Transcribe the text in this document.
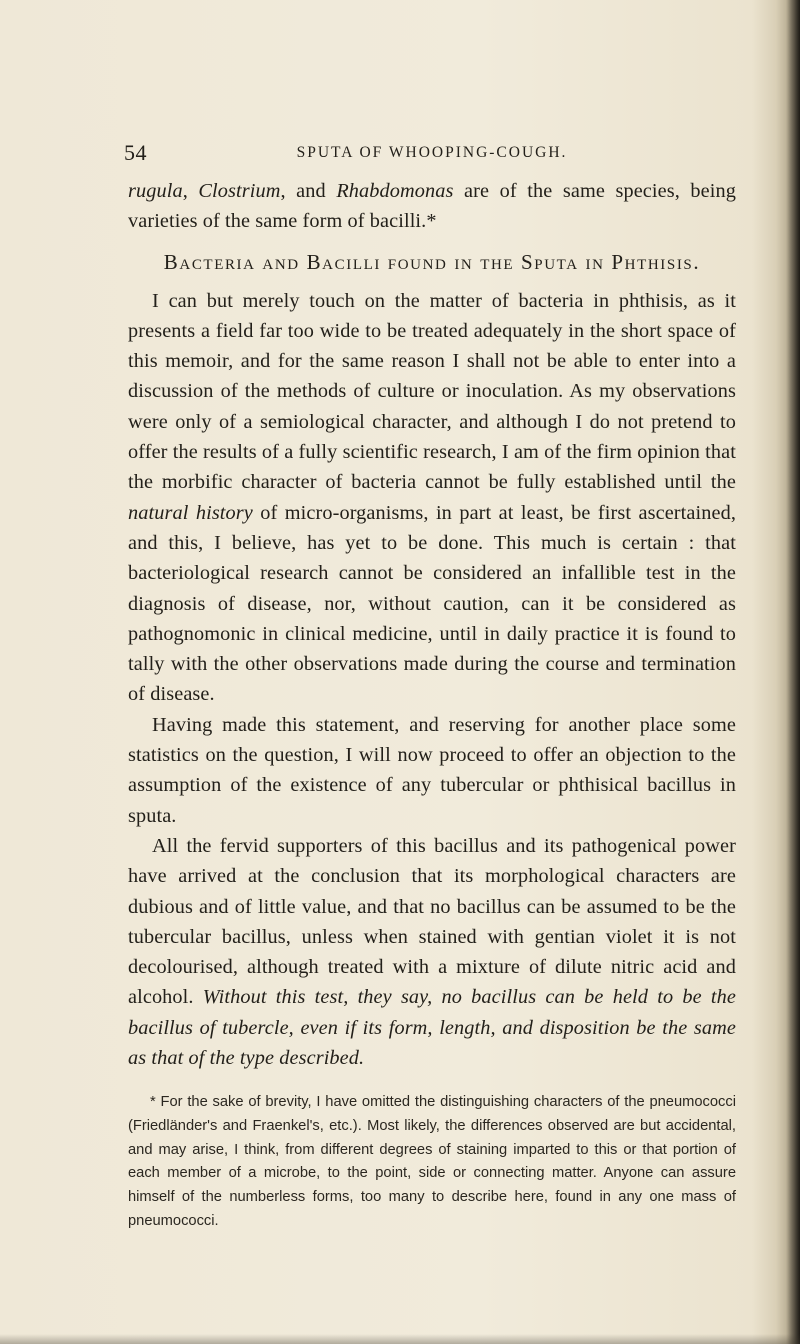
54	SPUTA OF WHOOPING-COUGH.

rugula, Clostrium, and Rhabdomonas are of the same species, being varieties of the same form of bacilli.*

Bacteria and Bacilli found in the Sputa in Phthisis.

I can but merely touch on the matter of bacteria in phthisis, as it presents a field far too wide to be treated adequately in the short space of this memoir, and for the same reason I shall not be able to enter into a discussion of the methods of culture or inoculation. As my observations were only of a semiological character, and although I do not pretend to offer the results of a fully scientific research, I am of the firm opinion that the morbific character of bacteria cannot be fully established until the natural history of micro-organisms, in part at least, be first ascertained, and this, I believe, has yet to be done. This much is certain : that bacteriological research cannot be considered an infallible test in the diagnosis of disease, nor, without caution, can it be considered as pathognomonic in clinical medicine, until in daily practice it is found to tally with the other observations made during the course and termination of disease.

Having made this statement, and reserving for another place some statistics on the question, I will now proceed to offer an objection to the assumption of the existence of any tubercular or phthisical bacillus in sputa.

All the fervid supporters of this bacillus and its pathogenical power have arrived at the conclusion that its morphological characters are dubious and of little value, and that no bacillus can be assumed to be the tubercular bacillus, unless when stained with gentian violet it is not decolourised, although treated with a mixture of dilute nitric acid and alcohol. Without this test, they say, no bacillus can be held to be the bacillus of tubercle, even if its form, length, and disposition be the same as that of the type described.

* For the sake of brevity, I have omitted the distinguishing characters of the pneumococci (Friedländer's and Fraenkel's, etc.). Most likely, the differences observed are but accidental, and may arise, I think, from different degrees of staining imparted to this or that portion of each member of a microbe, to the point, side or connecting matter. Anyone can assure himself of the numberless forms, too many to describe here, found in any one mass of pneumococci.
